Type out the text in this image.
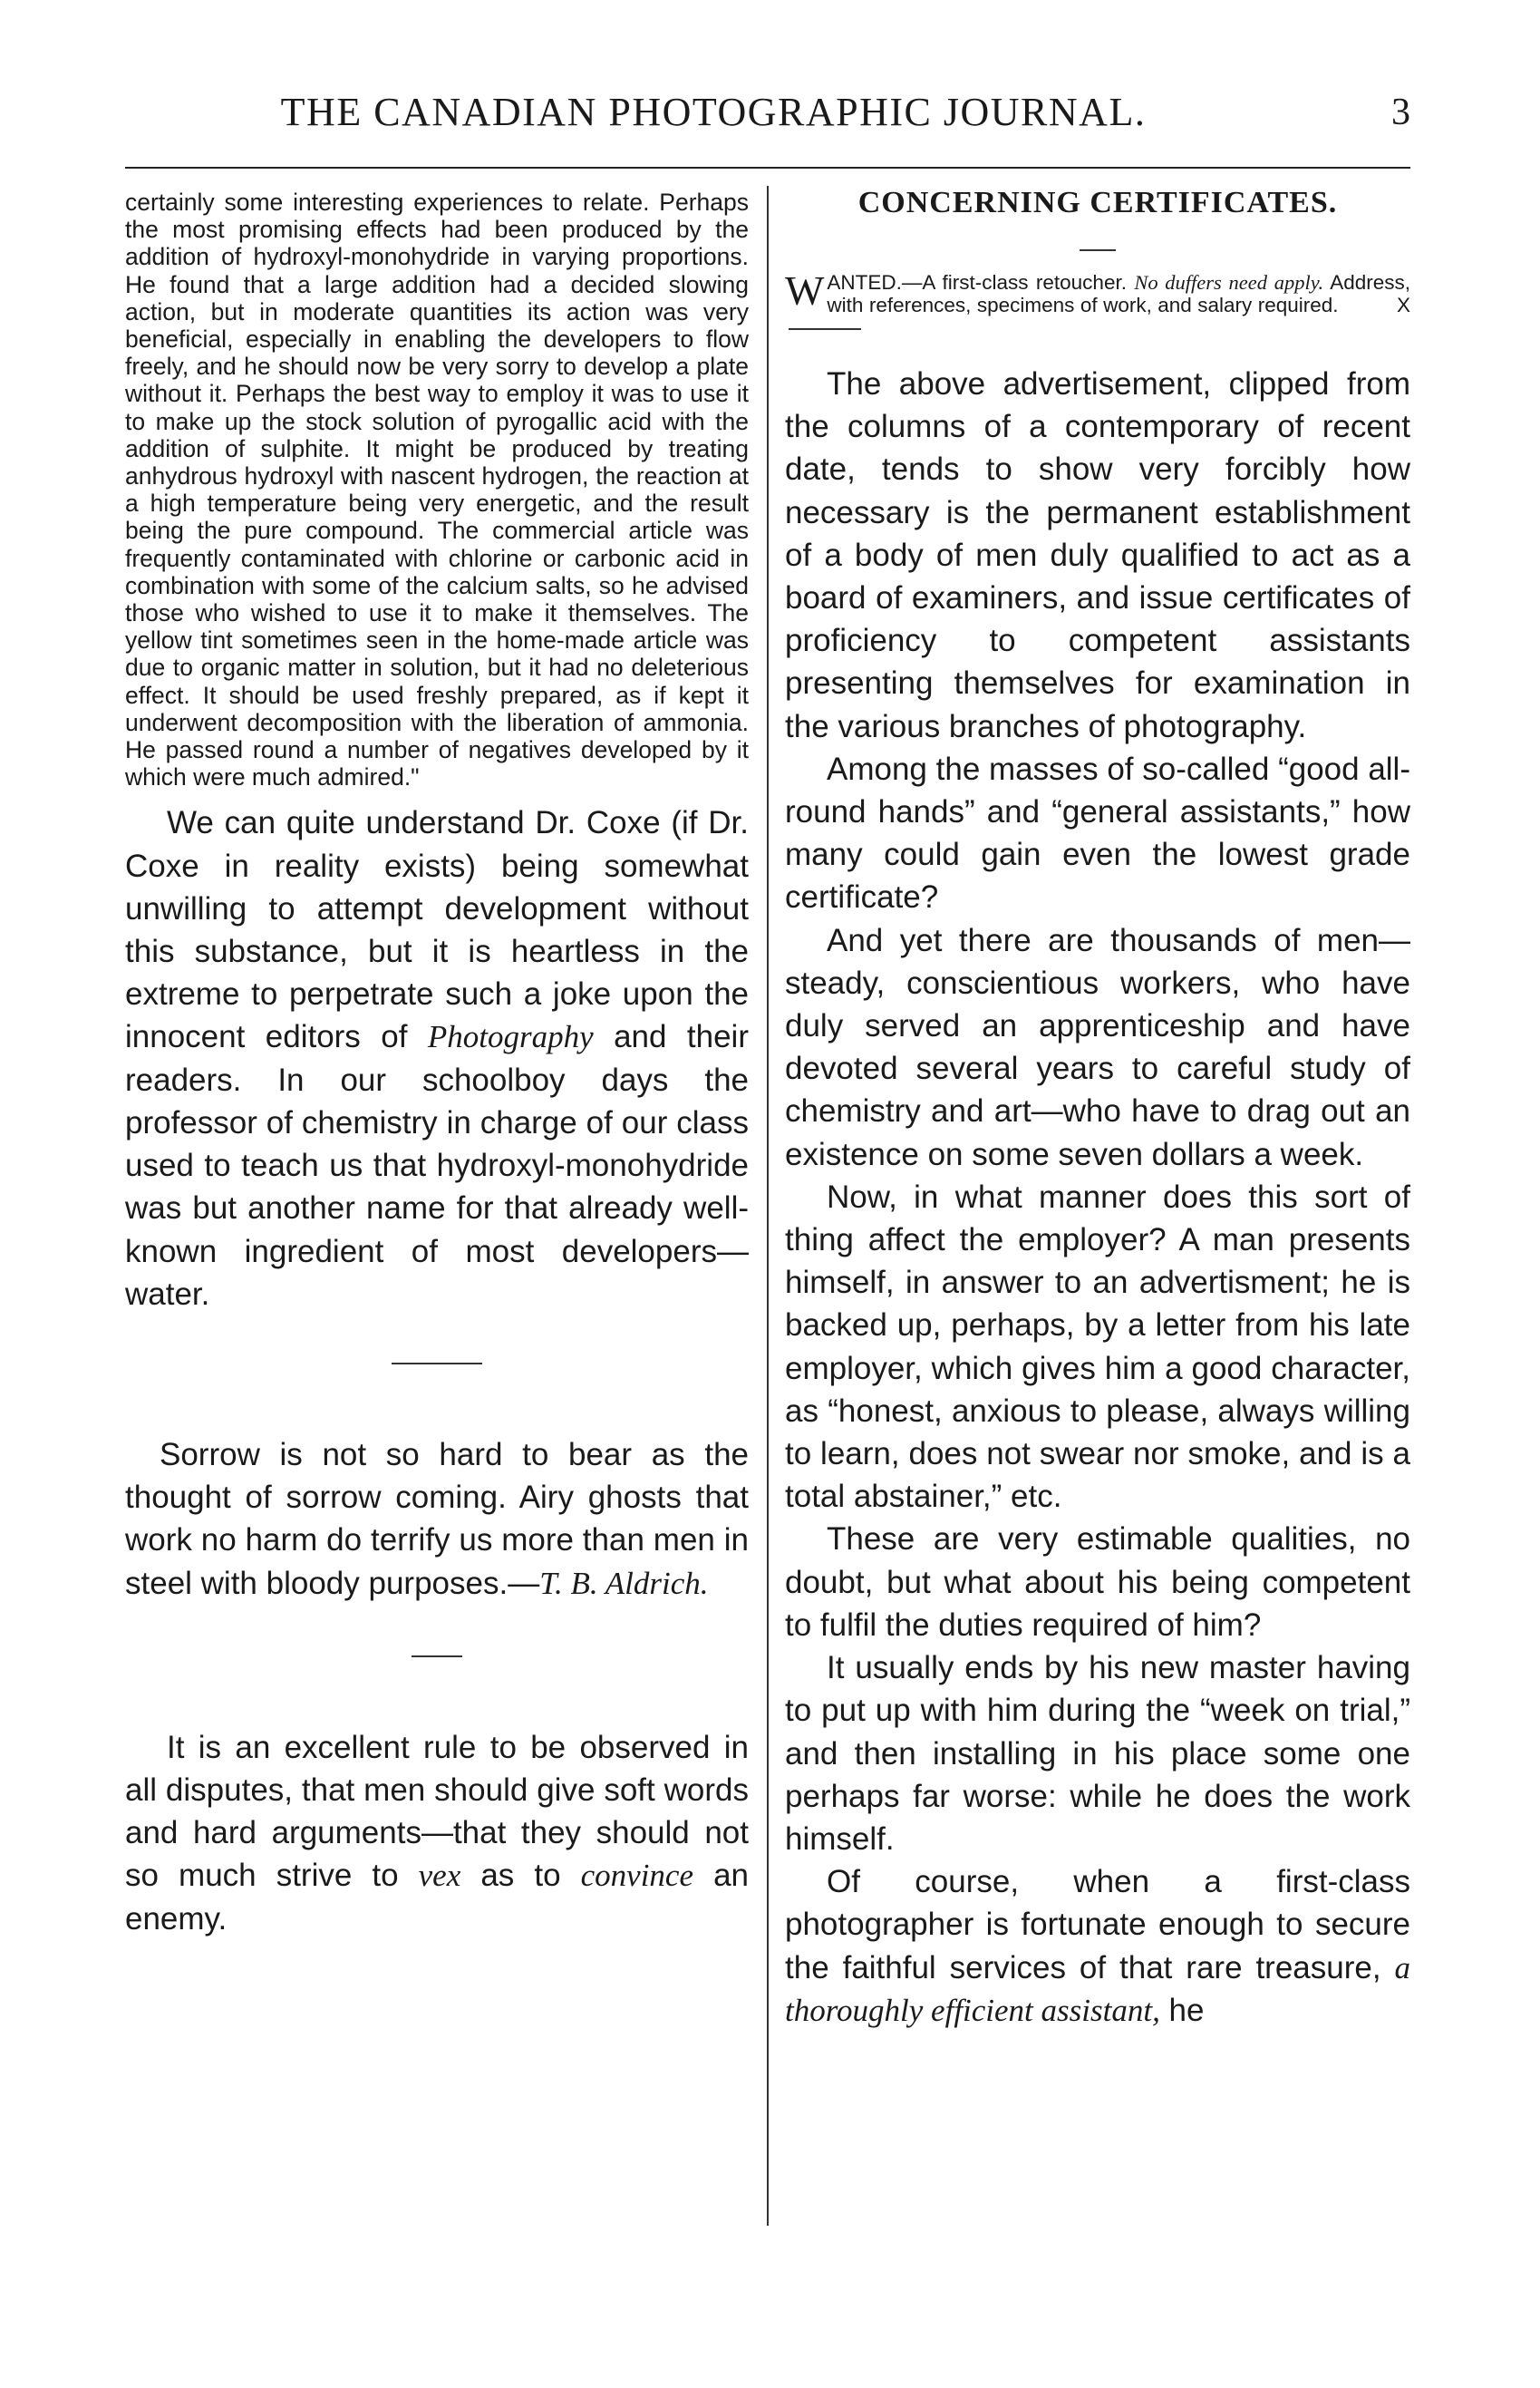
THE CANADIAN PHOTOGRAPHIC JOURNAL.	3

certainly some interesting experiences to relate. Perhaps the most promising effects had been produced by the addition of hydroxyl-monohydride in varying proportions. He found that a large addition had a decided slowing action, but in moderate quantities its action was very beneficial, especially in enabling the developers to flow freely, and he should now be very sorry to develop a plate without it. Perhaps the best way to employ it was to use it to make up the stock solution of pyrogallic acid with the addition of sulphite. It might be produced by treating anhydrous hydroxyl with nascent hydrogen, the reaction at a high temperature being very energetic, and the result being the pure compound. The commercial article was frequently contaminated with chlorine or carbonic acid in combination with some of the calcium salts, so he advised those who wished to use it to make it themselves. The yellow tint sometimes seen in the home-made article was due to organic matter in solution, but it had no deleterious effect. It should be used freshly prepared, as if kept it underwent decomposition with the liberation of ammonia. He passed round a number of negatives developed by it which were much admired."

We can quite understand Dr. Coxe (if Dr. Coxe in reality exists) being somewhat unwilling to attempt development without this substance, but it is heartless in the extreme to perpetrate such a joke upon the innocent editors of Photography and their readers. In our schoolboy days the professor of chemistry in charge of our class used to teach us that hydroxyl-monohydride was but another name for that already well-known ingredient of most developers—water.

Sorrow is not so hard to bear as the thought of sorrow coming. Airy ghosts that work no harm do terrify us more than men in steel with bloody purposes.—T. B. Aldrich.

It is an excellent rule to be observed in all disputes, that men should give soft words and hard arguments—that they should not so much strive to vex as to convince an enemy.

CONCERNING CERTIFICATES.

WANTED.—A first-class retoucher. No duffers need apply. Address, with references, specimens of work, and salary required.	X

The above advertisement, clipped from the columns of a contemporary of recent date, tends to show very forcibly how necessary is the permanent establishment of a body of men duly qualified to act as a board of examiners, and issue certificates of proficiency to competent assistants presenting themselves for examination in the various branches of photography.

Among the masses of so-called “good all-round hands” and “general assistants,” how many could gain even the lowest grade certificate?

And yet there are thousands of men—steady, conscientious workers, who have duly served an apprenticeship and have devoted several years to careful study of chemistry and art—who have to drag out an existence on some seven dollars a week.

Now, in what manner does this sort of thing affect the employer? A man presents himself, in answer to an advertisment; he is backed up, perhaps, by a letter from his late employer, which gives him a good character, as “honest, anxious to please, always willing to learn, does not swear nor smoke, and is a total abstainer,” etc.

These are very estimable qualities, no doubt, but what about his being competent to fulfil the duties required of him?

It usually ends by his new master having to put up with him during the “week on trial,” and then installing in his place some one perhaps far worse: while he does the work himself.

Of course, when a first-class photographer is fortunate enough to secure the faithful services of that rare treasure, a thoroughly efficient assistant, he
